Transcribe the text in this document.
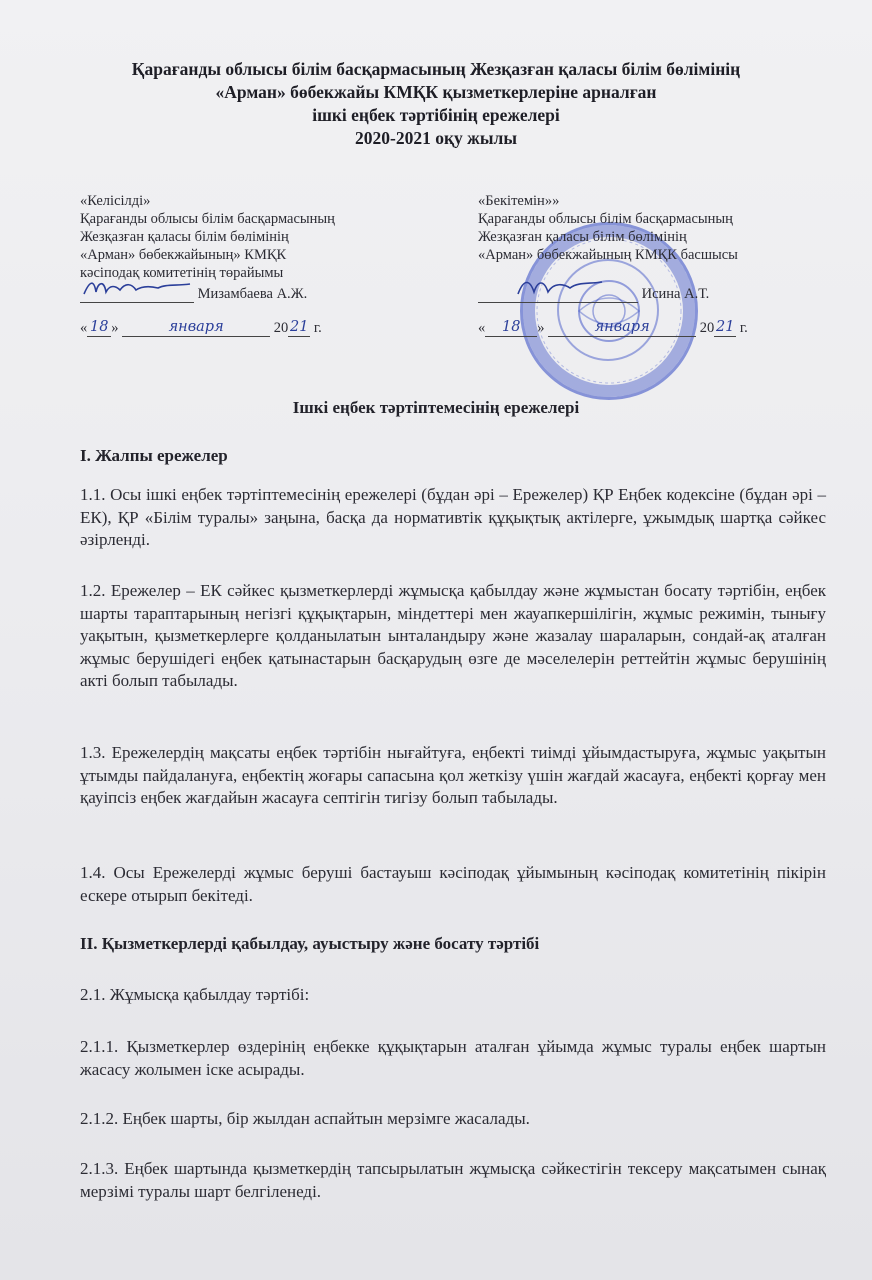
Қарағанды облысы білім басқармасының Жезқазған қаласы білім бөлімінің
«Арман» бөбекжайы КМҚК қызметкерлеріне арналған
ішкі еңбек тәртібінің ережелері
2020-2021 оқу жылы
«Келісілді»
Қарағанды облысы білім басқармасының
Жезқазған қаласы білім бөлімінің
«Арман» бөбекжайының» КМҚК
кәсіподақ комитетінің төрайымы
Мизамбаева А.Ж.
« 18 »	января	20 21 г.
«Бекітемін»»
Қарағанды облысы білім басқармасының
Жезқазған қаласы білім бөлімінің
«Арман» бөбекжайының КМҚК басшысы
Исина А.Т.
« 18 »	января	20 21 г.
Ішкі еңбек тәртіптемесінің ережелері
І. Жалпы ережелер
1.1. Осы ішкі еңбек тәртіптемесінің ережелері (бұдан әрі – Ережелер) ҚР Еңбек кодексіне (бұдан әрі – ЕК), ҚР «Білім туралы» заңына, басқа да нормативтік құқықтық актілерге, ұжымдық шартқа сәйкес әзірленді.
1.2. Ережелер – ЕК сәйкес қызметкерлерді жұмысқа қабылдау және жұмыстан босату тәртібін, еңбек шарты тараптарының негізгі құқықтарын, міндеттері мен жауапкершілігін, жұмыс режимін, тынығу уақытын, қызметкерлерге қолданылатын ынталандыру және жазалау шараларын, сондай-ақ аталған жұмыс берушідегі еңбек қатынастарын басқарудың өзге де мәселелерін реттейтін жұмыс берушінің акті болып табылады.
1.3. Ережелердің мақсаты еңбек тәртібін нығайтуға, еңбекті тиімді ұйымдастыруға, жұмыс уақытын ұтымды пайдалануға, еңбектің жоғары сапасына қол жеткізу үшін жағдай жасауға, еңбекті қорғау мен қауіпсіз еңбек жағдайын жасауға септігін тигізу болып табылады.
1.4. Осы Ережелерді жұмыс беруші бастауыш кәсіподақ ұйымының кәсіподақ комитетінің пікірін ескере отырып бекітеді.
ІІ. Қызметкерлерді қабылдау, ауыстыру және босату тәртібі
2.1. Жұмысқа қабылдау тәртібі:
2.1.1. Қызметкерлер өздерінің еңбекке құқықтарын аталған ұйымда жұмыс туралы еңбек шартын жасасу жолымен іске асырады.
2.1.2. Еңбек шарты, бір жылдан аспайтын мерзімге жасалады.
2.1.3. Еңбек шартында қызметкердің тапсырылатын жұмысқа сәйкестігін тексеру мақсатымен сынақ мерзімі туралы шарт белгіленеді.
